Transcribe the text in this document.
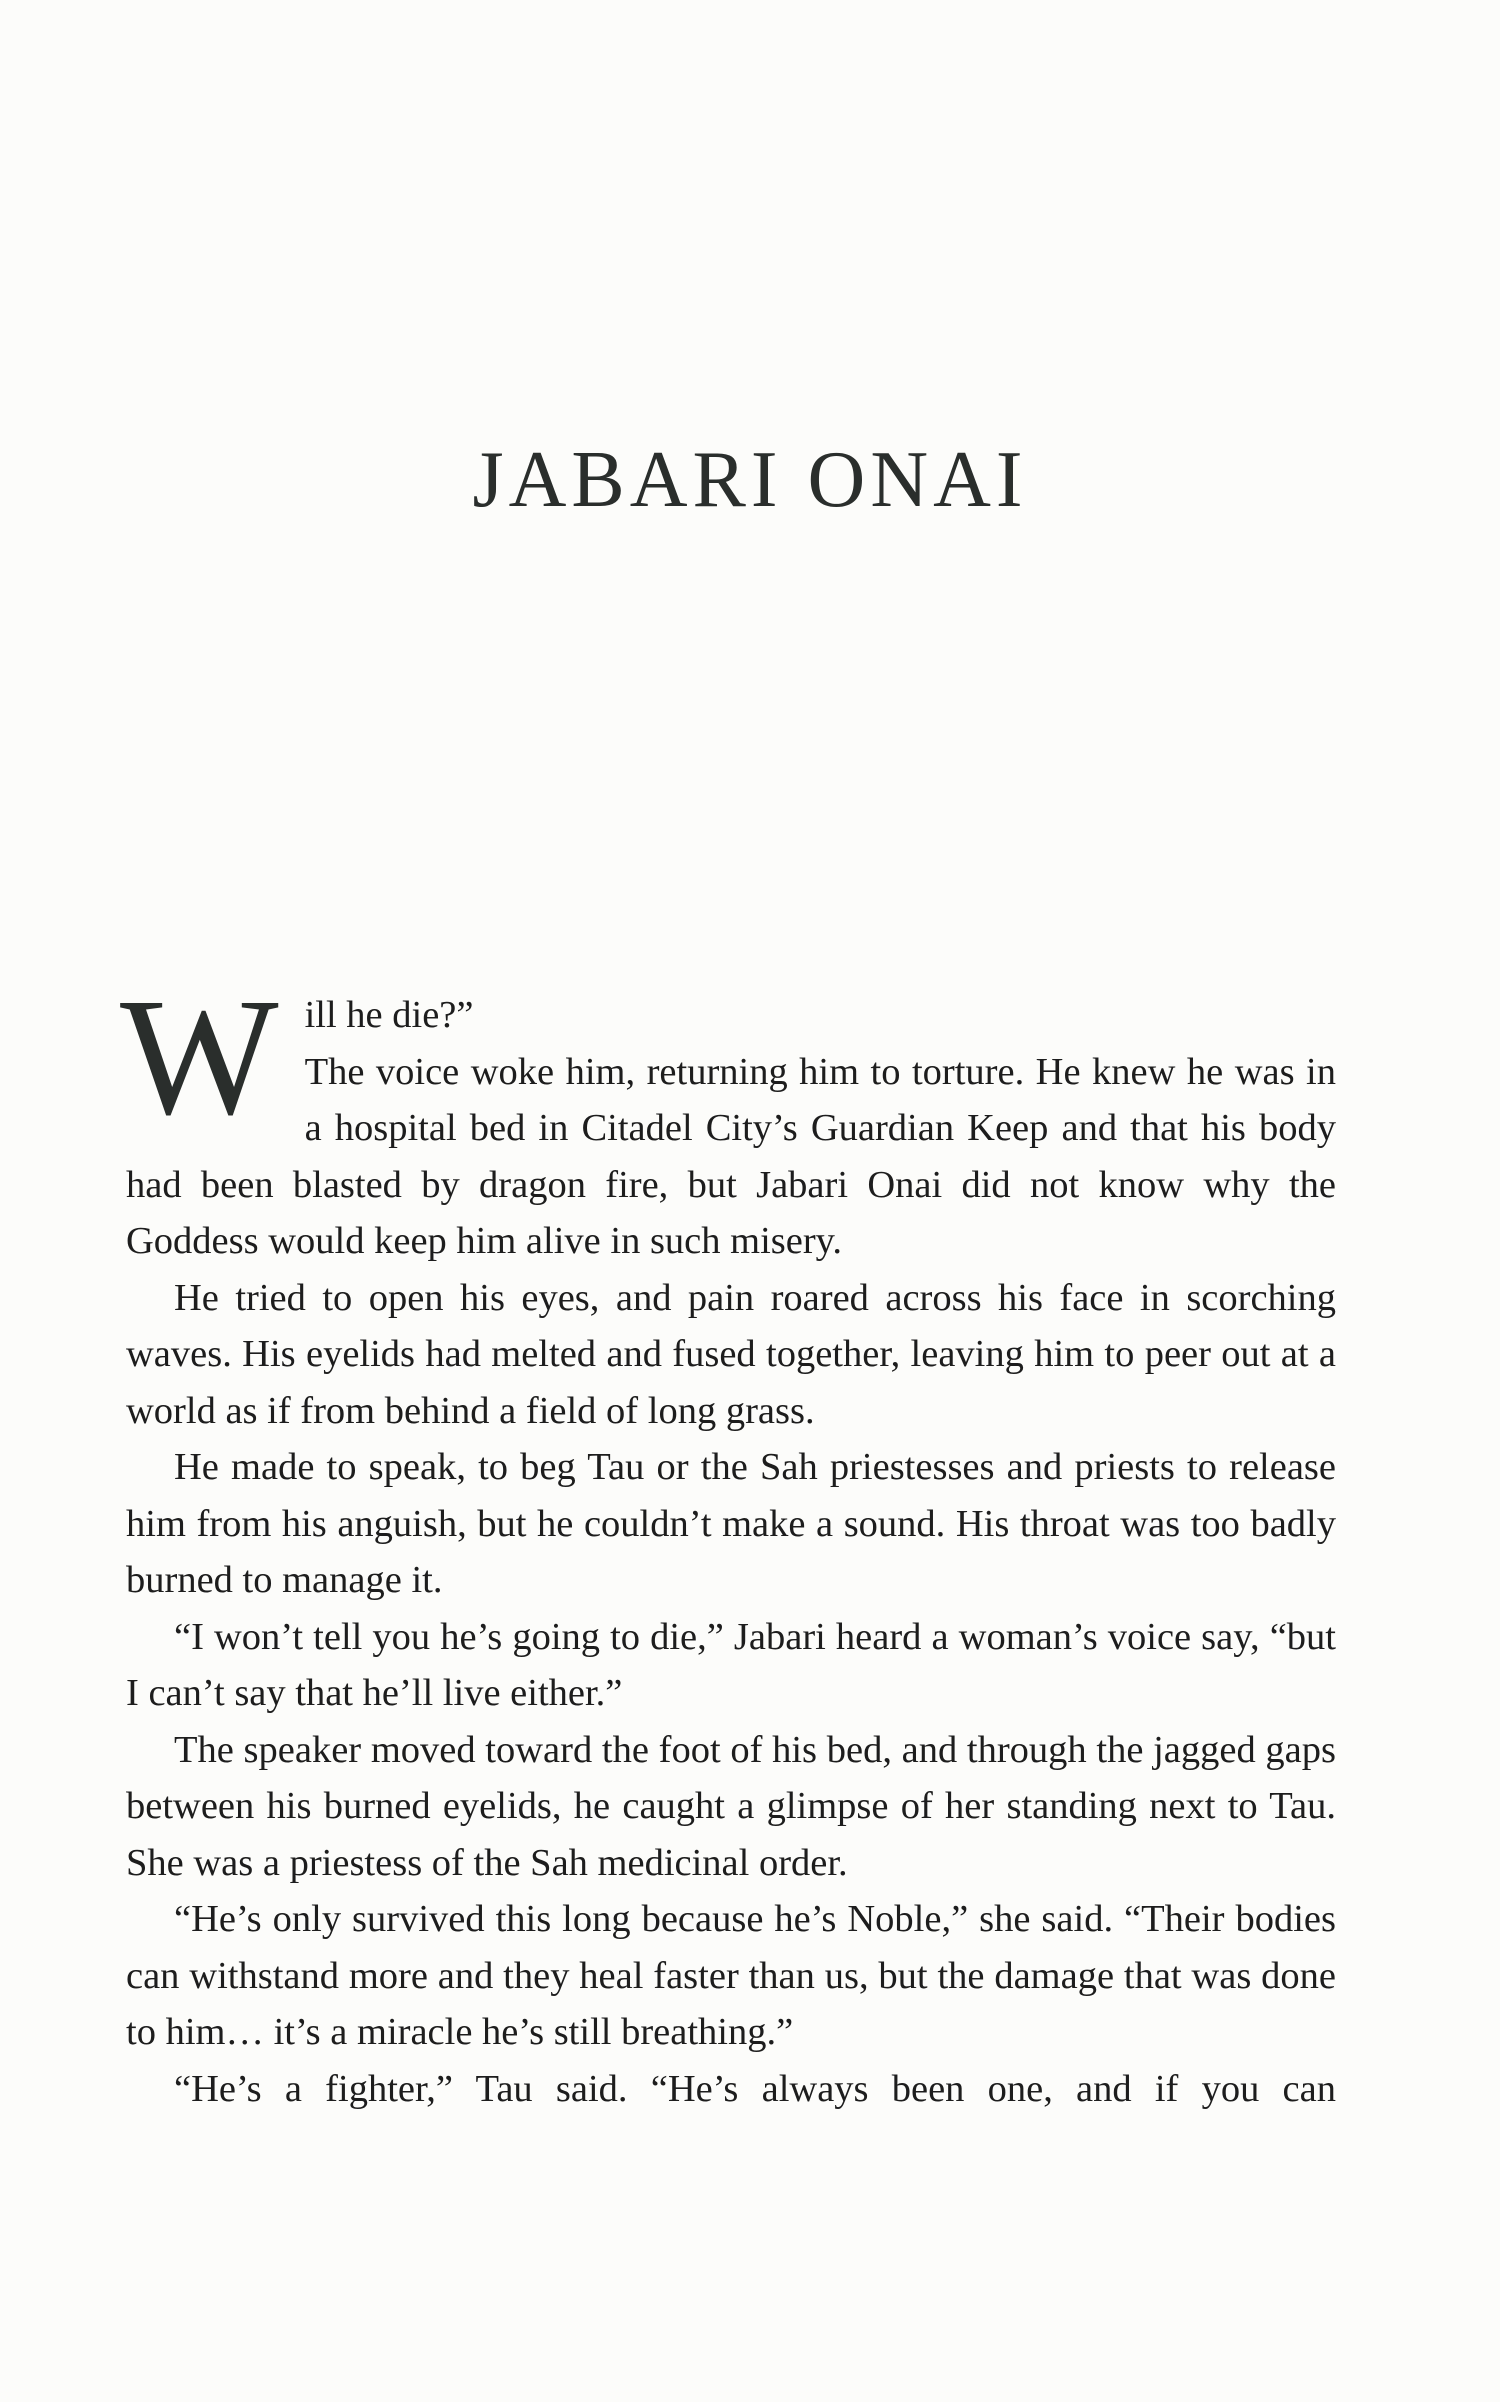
JABARI ONAI

Will he die?”

The voice woke him, returning him to torture. He knew he was in a hospital bed in Citadel City’s Guardian Keep and that his body had been blasted by dragon fire, but Jabari Onai did not know why the Goddess would keep him alive in such misery.

He tried to open his eyes, and pain roared across his face in scorching waves. His eyelids had melted and fused together, leaving him to peer out at a world as if from behind a field of long grass.

He made to speak, to beg Tau or the Sah priestesses and priests to release him from his anguish, but he couldn’t make a sound. His throat was too badly burned to manage it.

“I won’t tell you he’s going to die,” Jabari heard a woman’s voice say, “but I can’t say that he’ll live either.”

The speaker moved toward the foot of his bed, and through the jagged gaps between his burned eyelids, he caught a glimpse of her standing next to Tau. She was a priestess of the Sah medicinal order.

“He’s only survived this long because he’s Noble,” she said. “Their bodies can withstand more and they heal faster than us, but the damage that was done to him… it’s a miracle he’s still breathing.”

“He’s a fighter,” Tau said. “He’s always been one, and if you can
